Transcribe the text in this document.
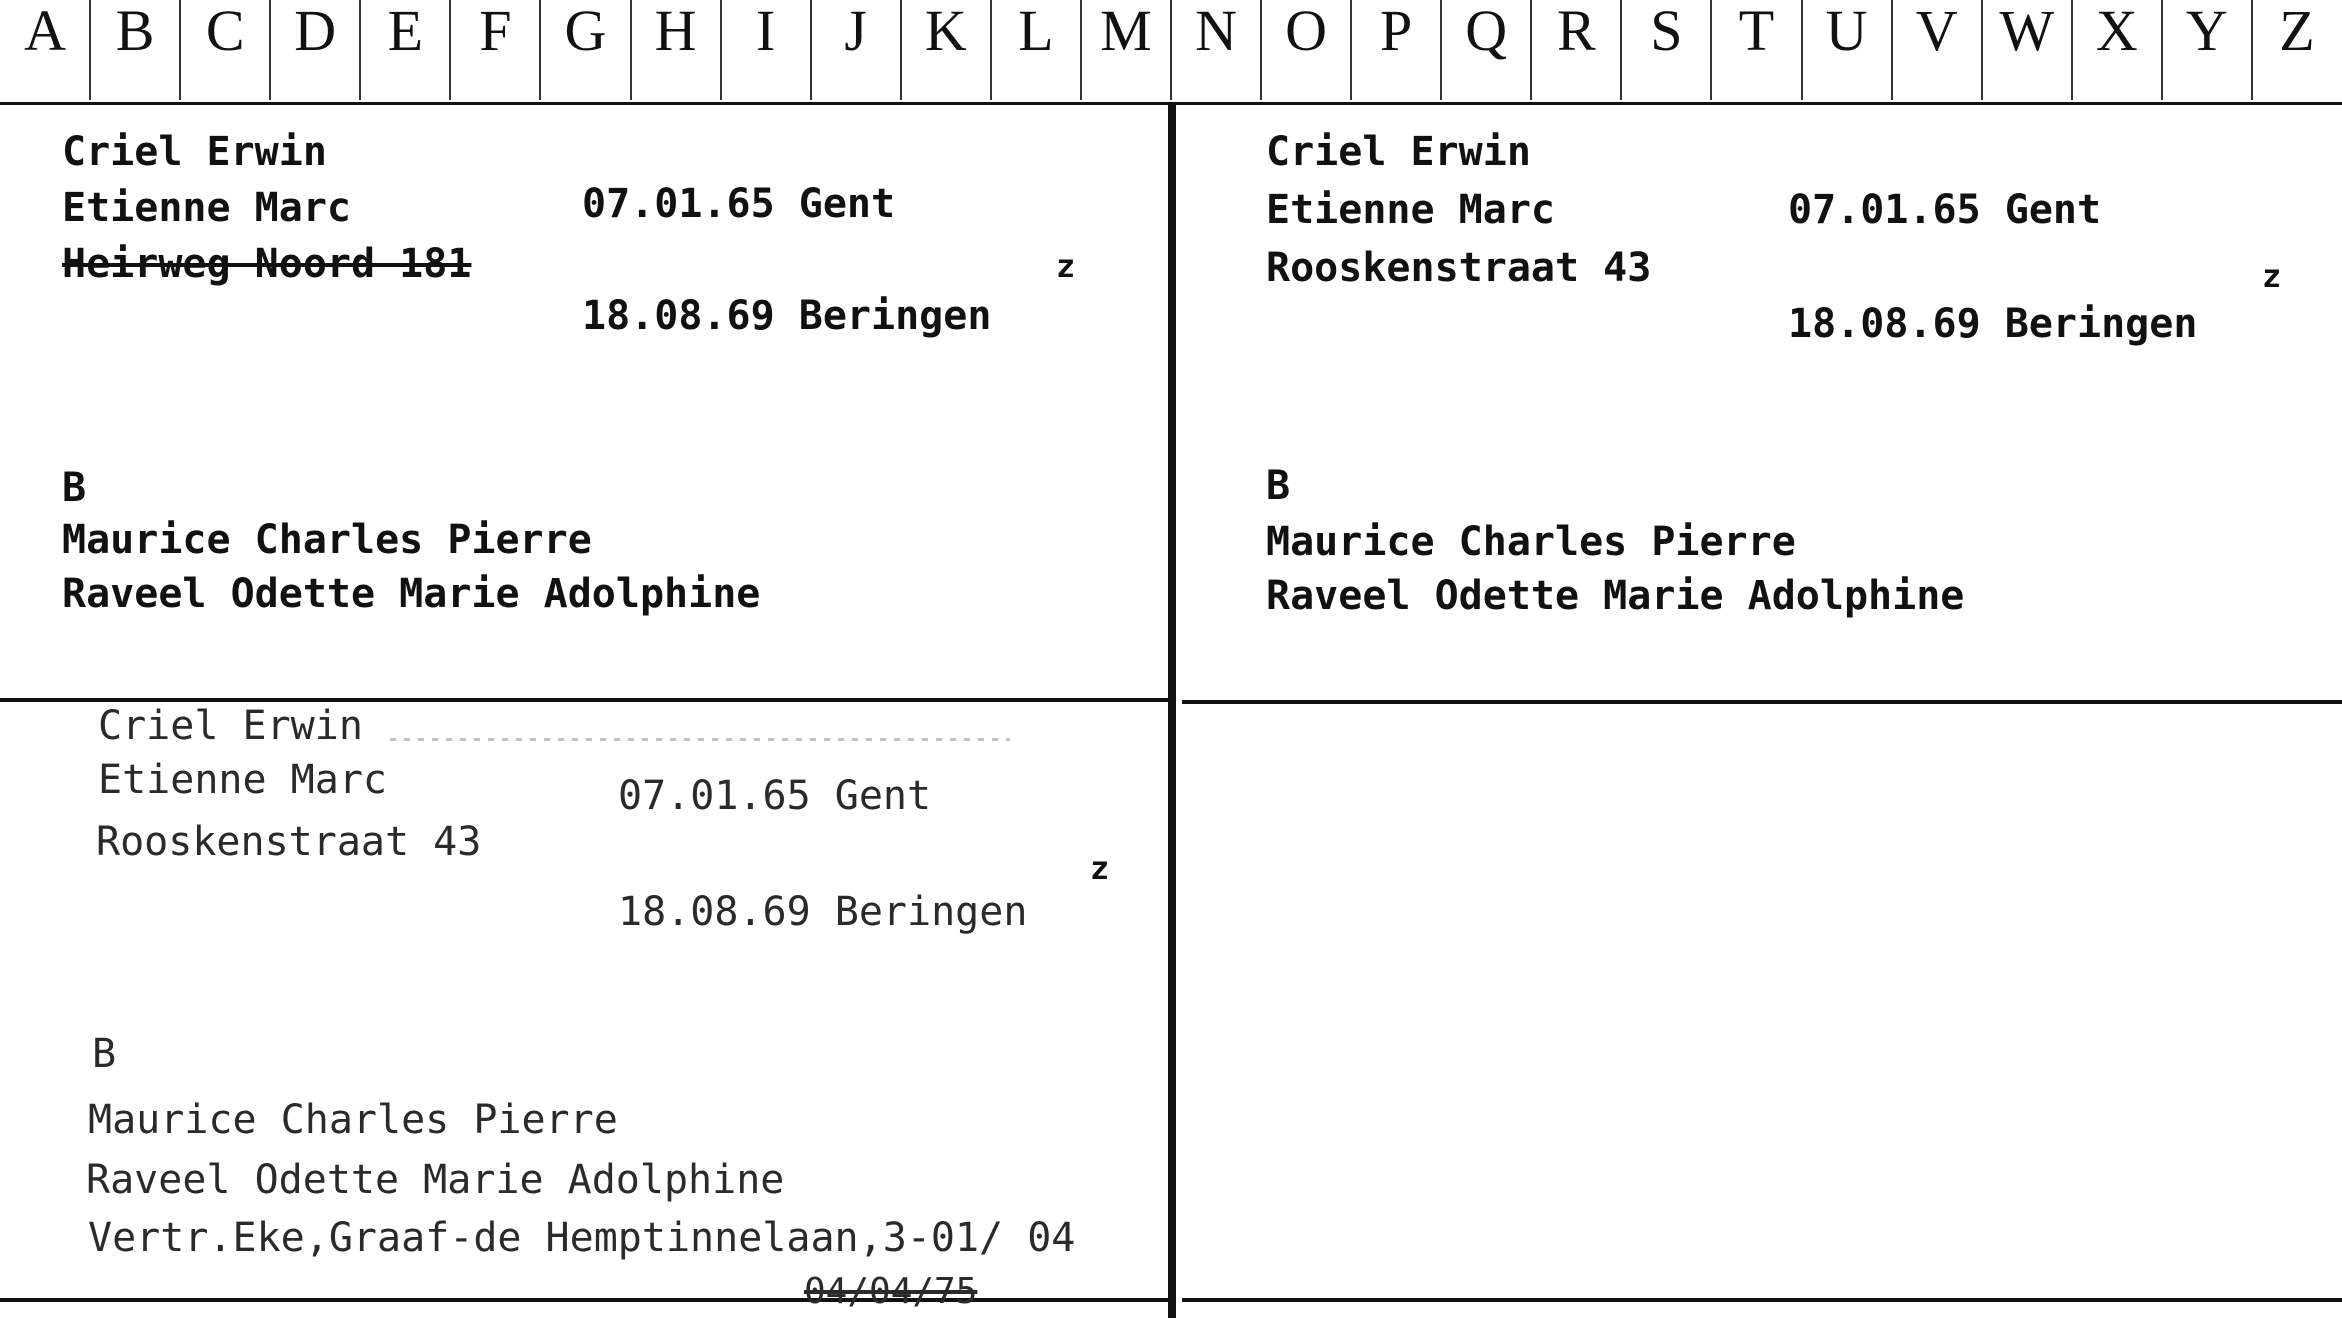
A B C D E F G H	I	J K L M N O P Q R S T U V W X Y Z
Criel Erwin
Etienne Marc	07.01.65 Gent
Heirweg Noord 181	z
18.08.69 Beringen
B
Maurice Charles Pierre
Raveel Odette Marie Adolphine
Criel Erwin
Etienne Marc	07.01.65 Gent
Rooskenstraat 43	z
18.08.69 Beringen
B
Maurice Charles Pierre
Raveel Odette Marie Adolphine
Criel Erwin
Etienne Marc	07.01.65 Gent
Rooskenstraat 43
z
18.08.69 Beringen
B
Maurice Charles Pierre
Raveel Odette Marie Adolphine
Vertr.Eke,Graaf-de Hemptinnelaan,3-01/ 04
04/04/75
